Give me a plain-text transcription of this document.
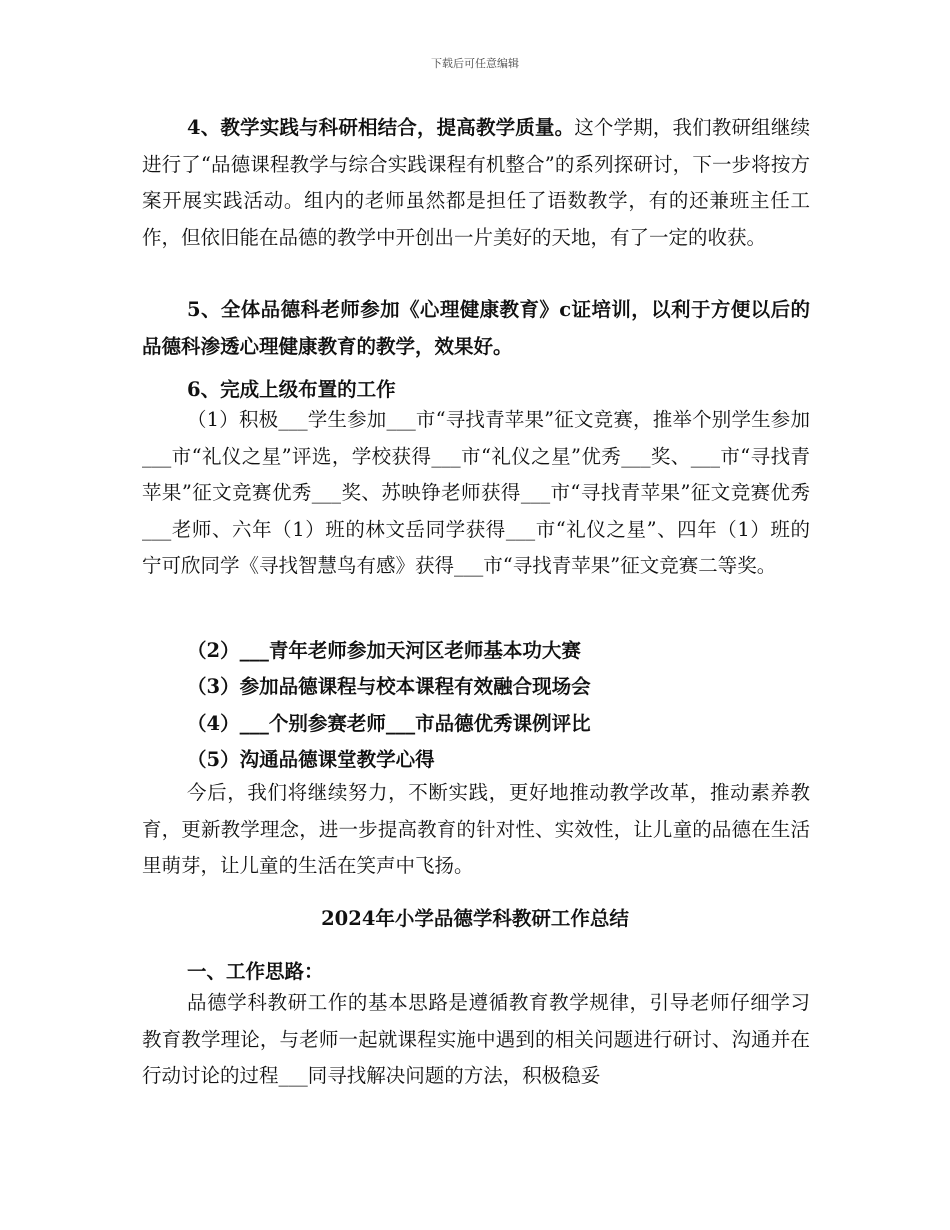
下载后可任意编辑

4、教学实践与科研相结合，提高教学质量。这个学期，我们教研组继续进行了“品德课程教学与综合实践课程有机整合”的系列探研讨，下一步将按方案开展实践活动。组内的老师虽然都是担任了语数教学，有的还兼班主任工作，但依旧能在品德的教学中开创出一片美好的天地，有了一定的收获。

5、全体品德科老师参加《心理健康教育》c证培训，以利于方便以后的品德科渗透心理健康教育的教学，效果好。

6、完成上级布置的工作

（1）积极___学生参加___市“寻找青苹果”征文竞赛，推举个别学生参加___市“礼仪之星”评选，学校获得___市“礼仪之星”优秀___奖、___市“寻找青苹果”征文竞赛优秀___奖、苏映铮老师获得___市“寻找青苹果”征文竞赛优秀___老师、六年（1）班的林文岳同学获得___市“礼仪之星”、四年（1）班的宁可欣同学《寻找智慧鸟有感》获得___市“寻找青苹果”征文竞赛二等奖。

（2）___青年老师参加天河区老师基本功大赛

（3）参加品德课程与校本课程有效融合现场会

（4）___个别参赛老师___市品德优秀课例评比

（5）沟通品德课堂教学心得

今后，我们将继续努力，不断实践，更好地推动教学改革，推动素养教育，更新教学理念，进一步提高教育的针对性、实效性，让儿童的品德在生活里萌芽，让儿童的生活在笑声中飞扬。

2024年小学品德学科教研工作总结

一、工作思路：

品德学科教研工作的基本思路是遵循教育教学规律，引导老师仔细学习教育教学理论，与老师一起就课程实施中遇到的相关问题进行研讨、沟通并在行动讨论的过程___同寻找解决问题的方法，积极稳妥
